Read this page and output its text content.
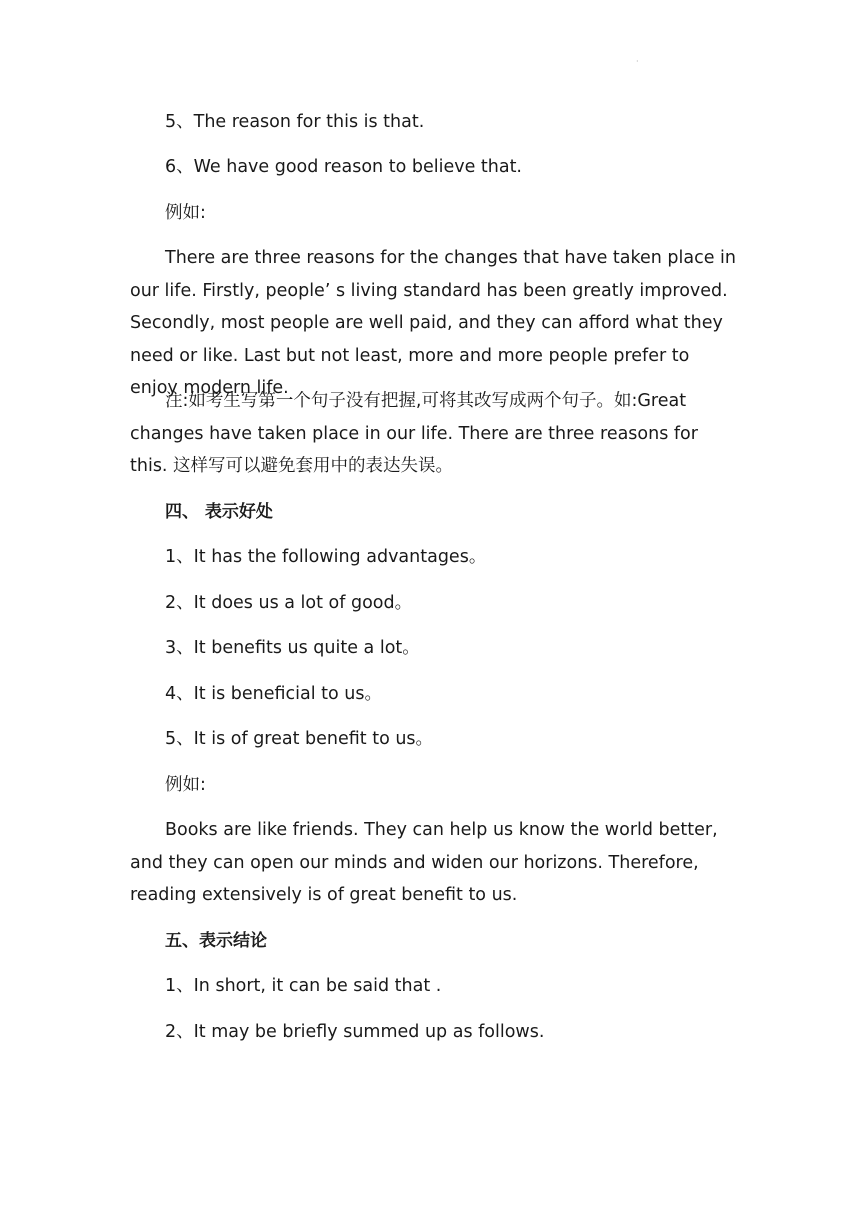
·
5、The reason for this is that.
6、We have good reason to believe that.
例如:

There are three reasons for the changes that have taken place in our life. Firstly, people’ s living standard has been greatly improved. Secondly, most people are well paid, and they can afford what they need or like. Last but not least, more and more people prefer to enjoy modern life.

注:如考生写第一个句子没有把握,可将其改写成两个句子。如:Great changes have taken place in our life. There are three reasons for this. 这样写可以避免套用中的表达失误。

四、 表示好处
1、It has the following advantages。
2、It does us a lot of good。
3、It benefits us quite a lot。
4、It is beneficial to us。
5、It is of great benefit to us。
例如:

Books are like friends. They can help us know the world better, and they can open our minds and widen our horizons. Therefore, reading extensively is of great benefit to us.

五、表示结论
1、In short, it can be said that .
2、It may be briefly summed up as follows.
